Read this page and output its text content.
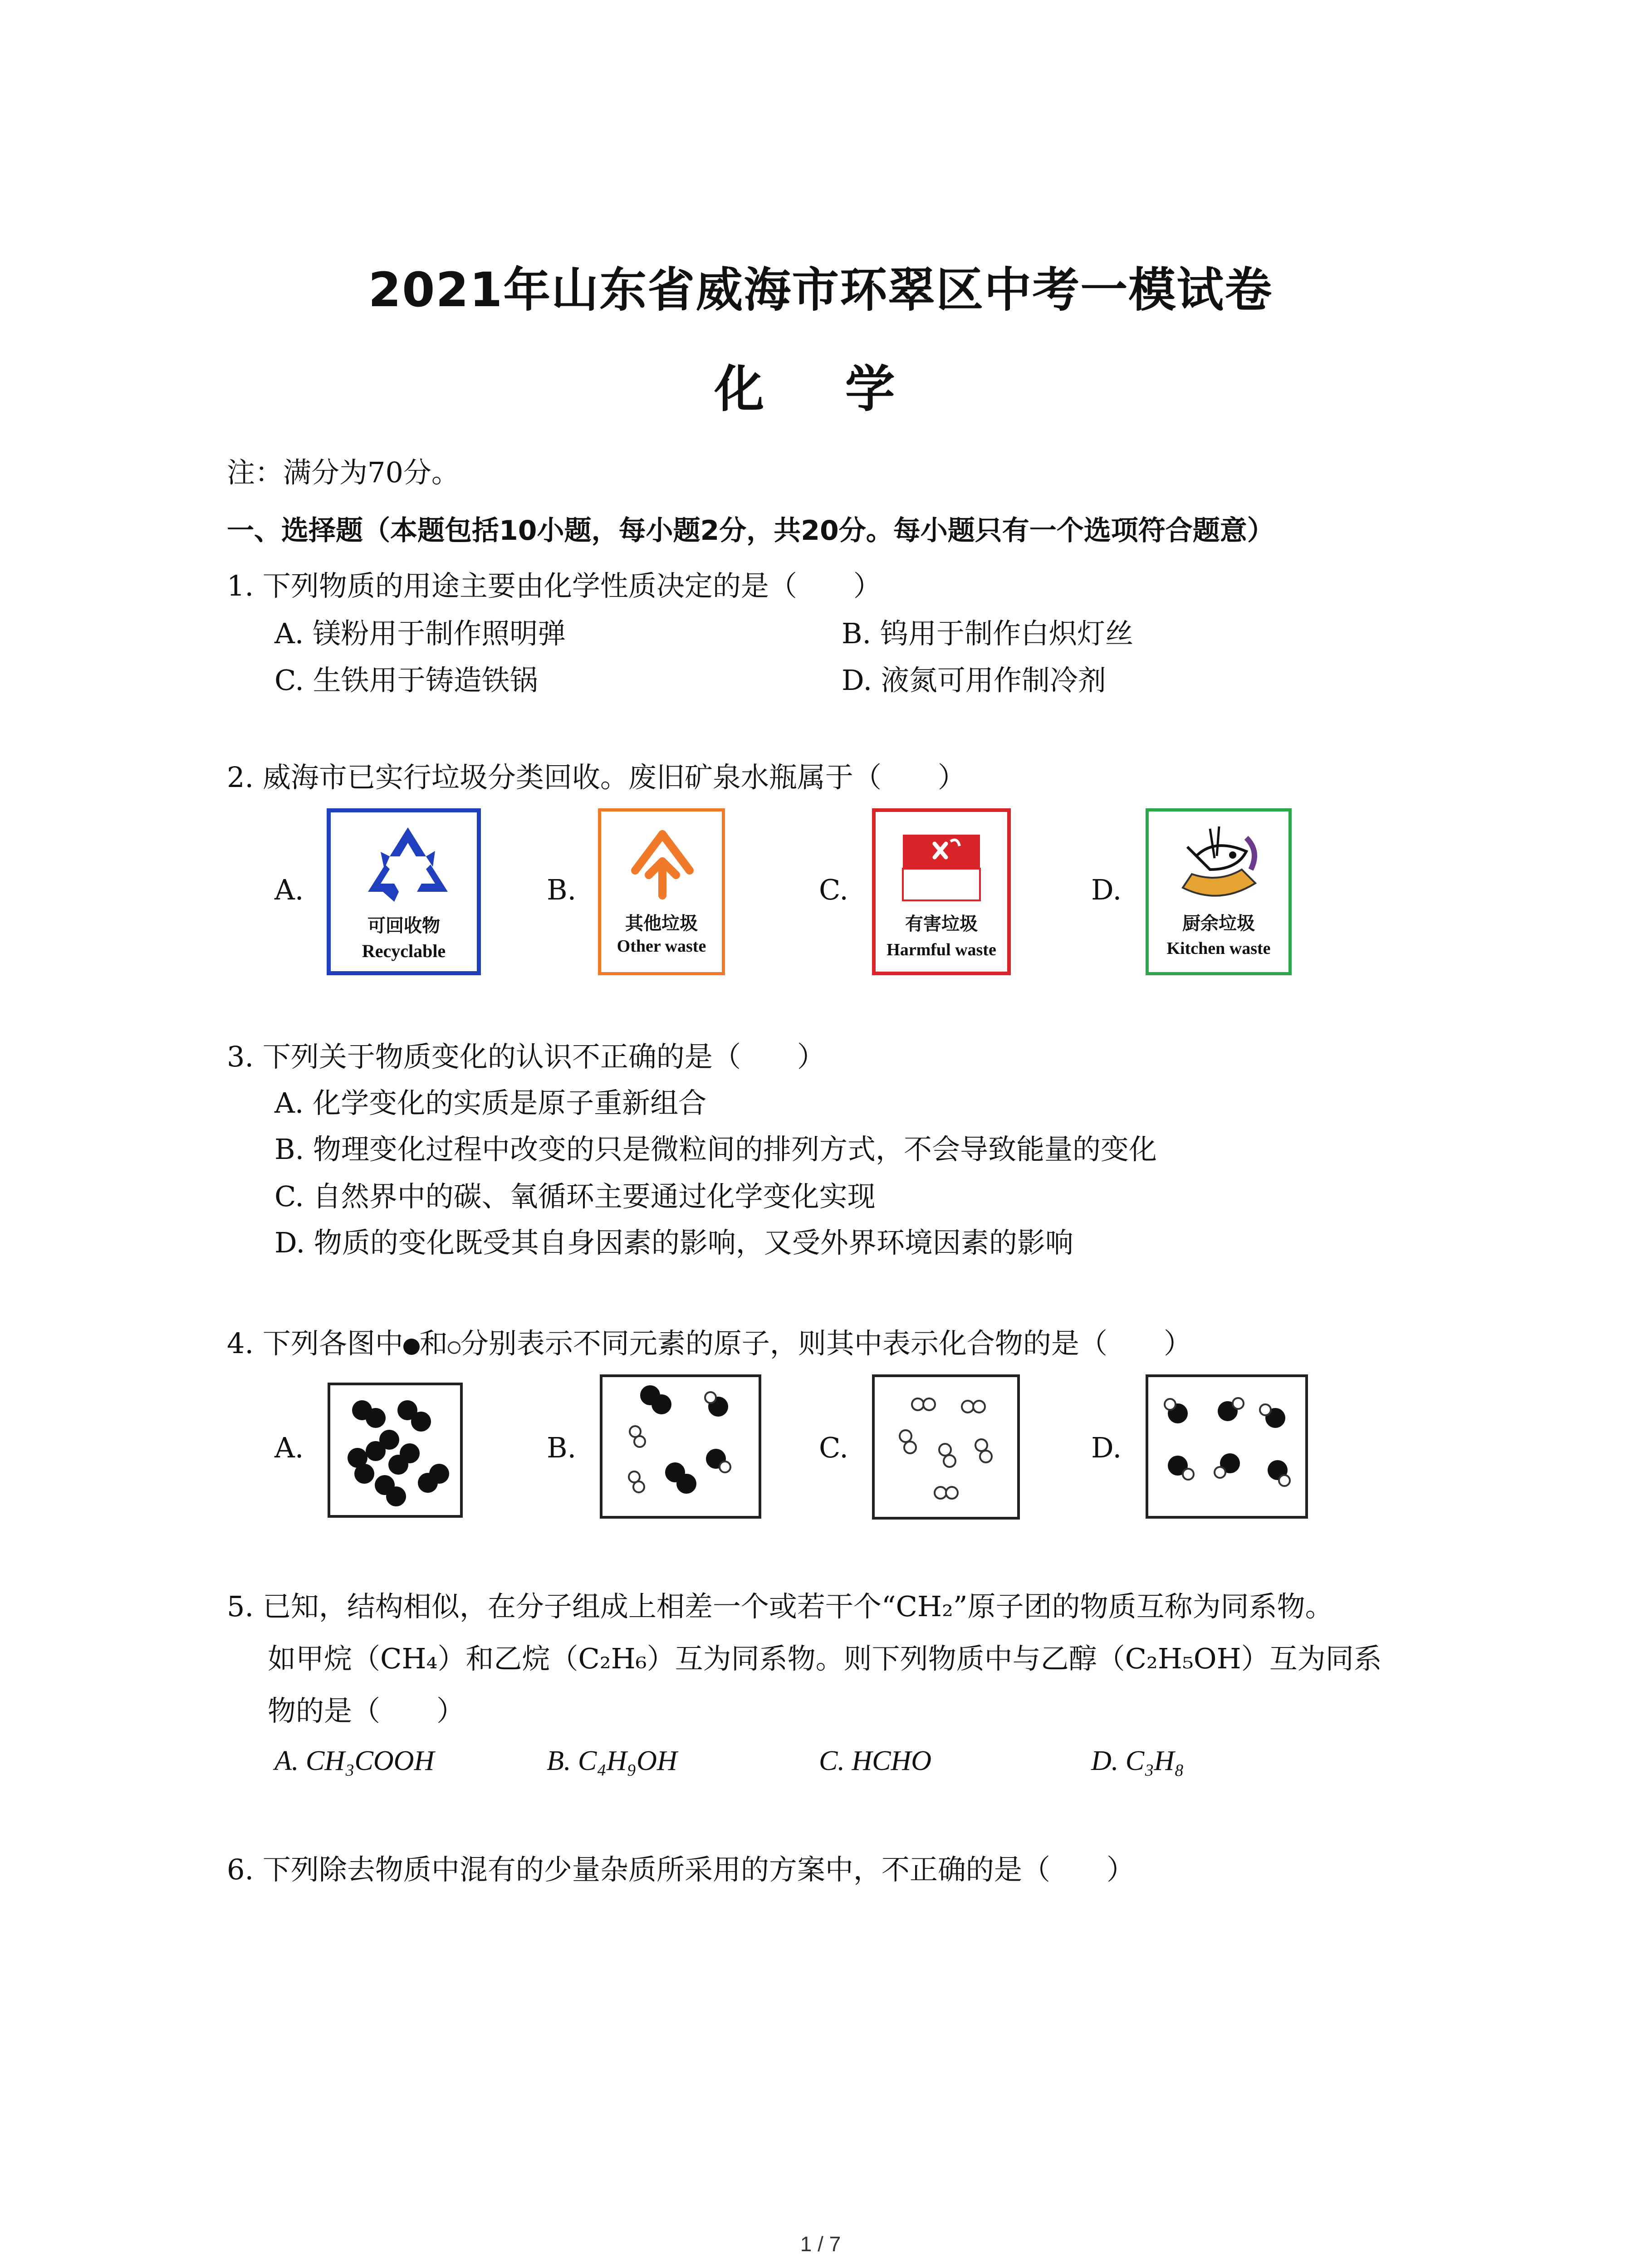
2021年山东省威海市环翠区中考一模试卷
化 学
注：满分为70分。
一、选择题（本题包括10小题，每小题2分，共20分。每小题只有一个选项符合题意）
1. 下列物质的用途主要由化学性质决定的是（　　）
A. 镁粉用于制作照明弹	B. 钨用于制作白炽灯丝
C. 生铁用于铸造铁锅	D. 液氮可用作制冷剂
2. 威海市已实行垃圾分类回收。废旧矿泉水瓶属于（　　）
A.	B.	C.	D.
可回收物
Recyclable
其他垃圾
Other waste
有害垃圾
Harmful waste
厨余垃圾
Kitchen waste
3. 下列关于物质变化的认识不正确的是（　　）
A. 化学变化的实质是原子重新组合
B. 物理变化过程中改变的只是微粒间的排列方式，不会导致能量的变化
C. 自然界中的碳、氧循环主要通过化学变化实现
D. 物质的变化既受其自身因素的影响，又受外界环境因素的影响
4. 下列各图中 和 分别表示不同元素的原子，则其中表示化合物的是（　　）
A.	B.	C.	D.
5. 已知，结构相似，在分子组成上相差一个或若干个“CH₂”原子团的物质互称为同系物。
如甲烷（CH₄）和乙烷（C₂H₆）互为同系物。则下列物质中与乙醇（C₂H₅OH）互为同系
物的是（　　）
A. CH₃COOH	B. C₄H₉OH	C. HCHO	D. C₃H₈
6. 下列除去物质中混有的少量杂质所采用的方案中，不正确的是（　　）
1 / 7
